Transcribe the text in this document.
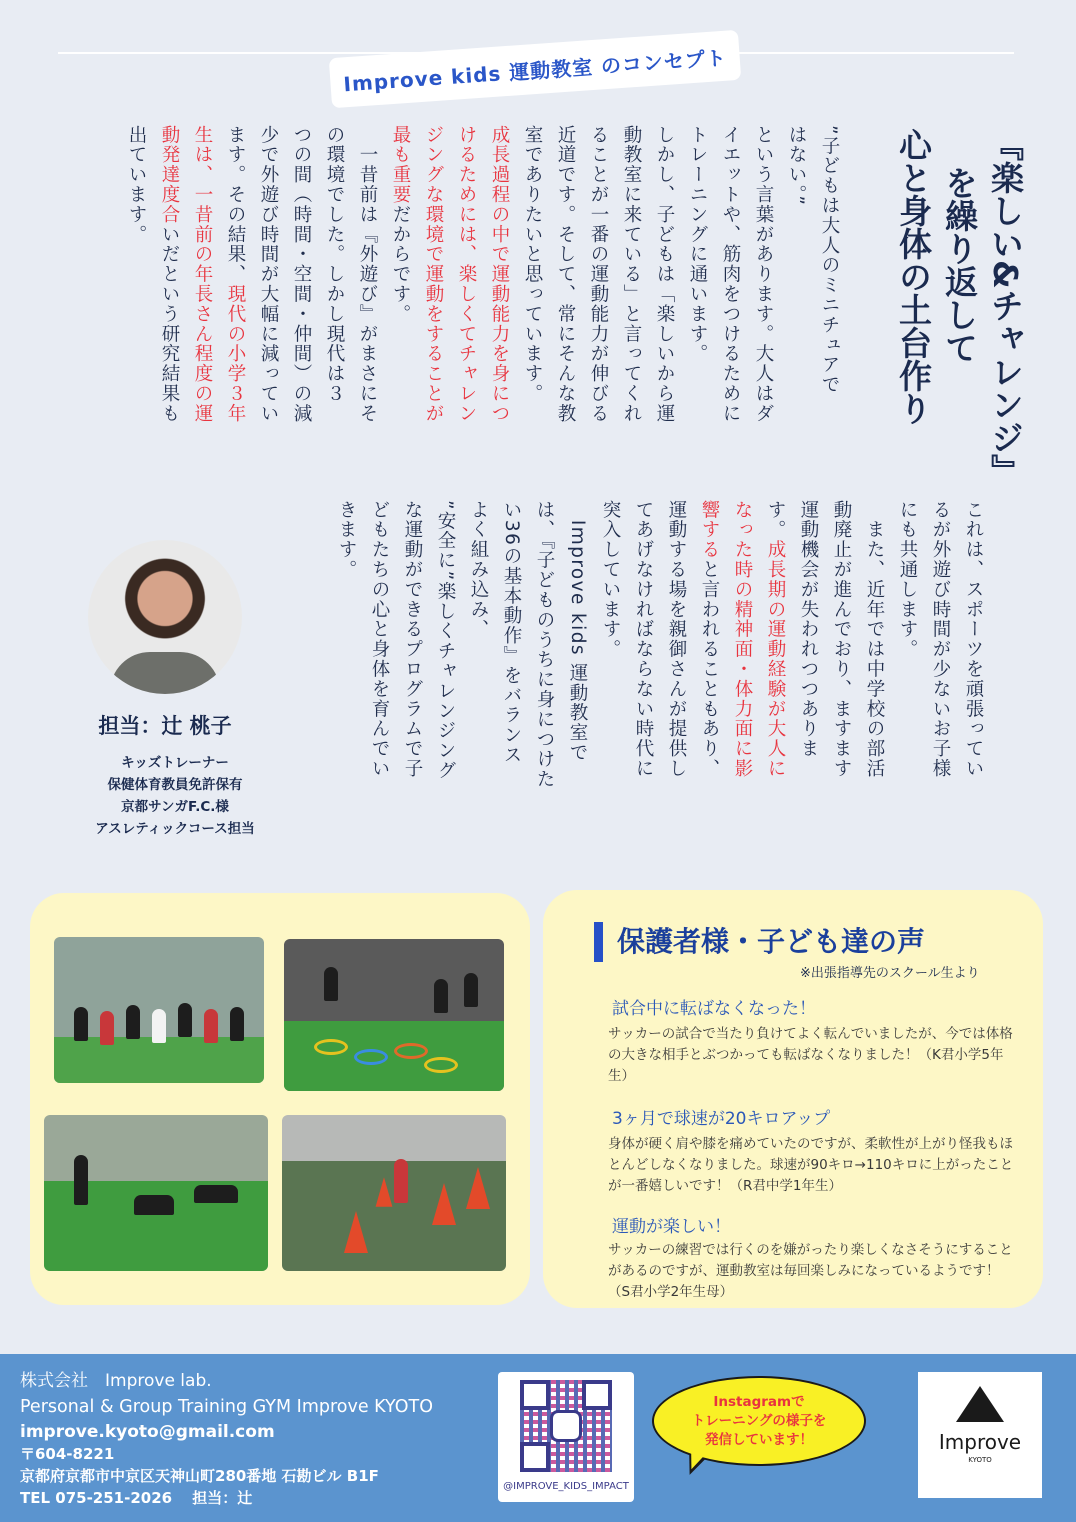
Improve kids 運動教室 のコンセプト
『楽しい&チャレンジ』
を繰り返して
心と身体の土台作り
”子どもは大人のミニチュアで
はない。”
という言葉があります。大人はダ
イエットや、筋肉をつけるために
トレーニングに通います。
しかし、子どもは「楽しいから運
動教室に来ている」と言ってくれ
ることが一番の運動能力が伸びる
近道です。そして、常にそんな教
室でありたいと思っています。
成長過程の中で運動能力を身につ
けるためには、楽しくてチャレン
ジングな環境で運動をすることが
最も重要だからです。
　一昔前は『外遊び』がまさにそ
の環境でした。しかし現代は３
つの間（時間・空間・仲間）の減
少で外遊び時間が大幅に減ってい
ます。その結果、現代の小学３年
生は、一昔前の年長さん程度の運
動発達度合いだという研究結果も
出ています。
これは、スポーツを頑張ってい
るが外遊び時間が少ないお子様
にも共通します。
　また、近年では中学校の部活
動廃止が進んでおり、ますます
運動機会が失われつつありま
す。成長期の運動経験が大人に
なった時の精神面・体力面に影
響すると言われることもあり、
運動する場を親御さんが提供し
てあげなければならない時代に
突入しています。
　Improve kids 運動教室で
は、『子どものうちに身につけた
い36の基本動作』をバランス
よく組み込み、
”安全に”楽しくチャレンジング
な運動ができるプログラムで子
どもたちの心と身体を育んでい
きます。
担当：辻 桃子
キッズトレーナー
保健体育教員免許保有
京都サンガF.C.様
アスレティックコース担当
保護者様・子ども達の声
※出張指導先のスクール生より
試合中に転ばなくなった！
サッカーの試合で当たり負けてよく転んでいましたが、今では体格の大きな相手とぶつかっても転ばなくなりました！（K君小学5年生）
3ヶ月で球速が20キロアップ
身体が硬く肩や膝を痛めていたのですが、柔軟性が上がり怪我もほとんどしなくなりました。球速が90キロ→110キロに上がったことが一番嬉しいです！（R君中学1年生）
運動が楽しい！
サッカーの練習では行くのを嫌がったり楽しくなさそうにすることがあるのですが、運動教室は毎回楽しみになっているようです！（S君小学2年生母）
株式会社　Improve lab.
Personal & Group Training GYM Improve KYOTO
improve.kyoto@gmail.com
〒604-8221
京都府京都市中京区天神山町280番地 石勘ビル B1F
TEL 075-251-2026　 担当：辻
@IMPROVE_KIDS_IMPACT
Instagramで
トレーニングの様子を
発信しています！	Improve
KYOTO
